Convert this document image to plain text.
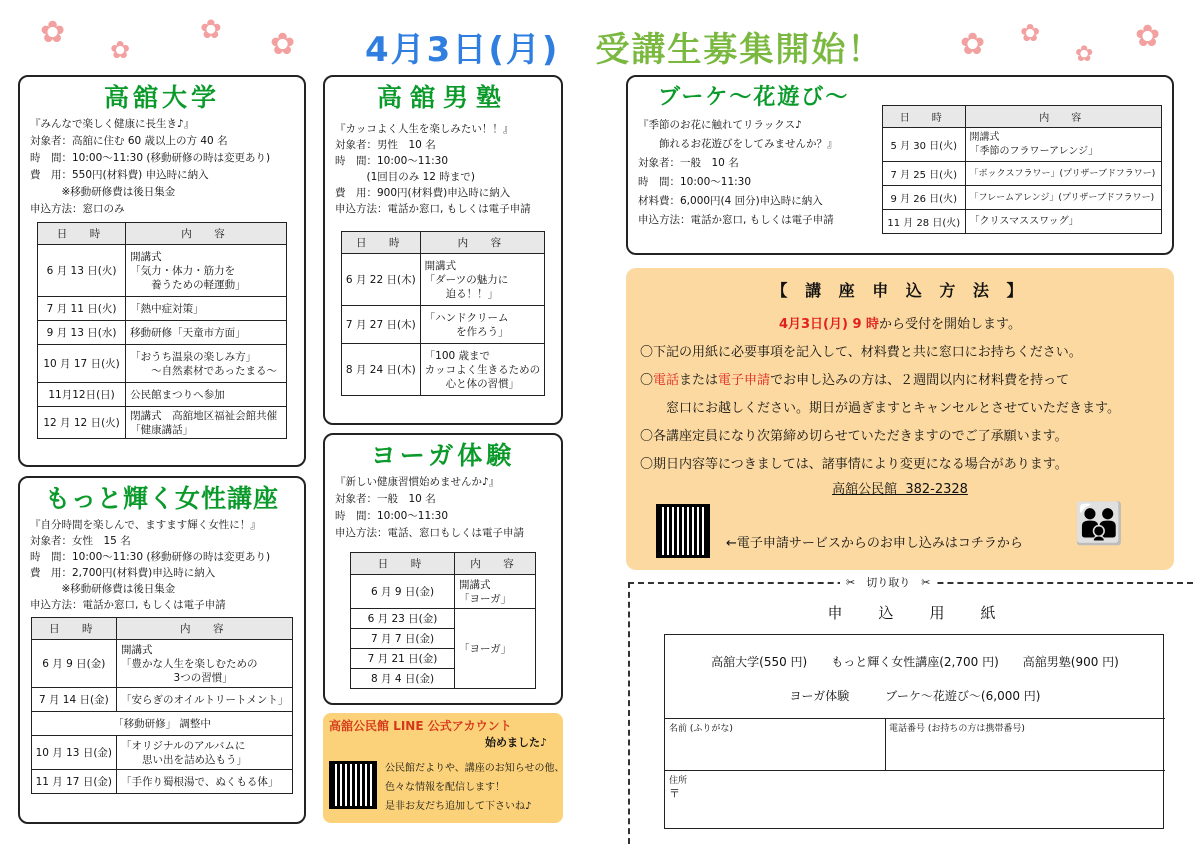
✿ ✿
✿ ✿ 4月3日(月)　 受講生募集開始！	✿ ✿
✿
✿
高舘大学
『みんなで楽しく健康に長生き♪』
対象者：高舘に住む 60 歳以上の方 40 名
時　間：10:00～11:30 (移動研修の時は変更あり)
費　用：550円(材料費) 申込時に納入
　　　※移動研修費は後日集金
申込方法：窓口のみ
日　時	内　容
6 月 13 日(火)	開講式
「気力・体力・筋力を
　　養うための軽運動」
7 月 11 日(火)	「熱中症対策」
9 月 13 日(水)	移動研修「天童市方面」
10 月 17 日(火)	「おうち温泉の楽しみ方」
　　～自然素材であったまる～
11月12日(日)	公民館まつりへ参加
12 月 12 日(火)	閉講式　高舘地区福祉会館共催
「健康講話」
もっと輝く女性講座
『自分時間を楽しんで、ますます輝く女性に！』
対象者：女性　15 名
時　間：10:00～11:30 (移動研修の時は変更あり)
費　用：2,700円(材料費)申込時に納入
　　　※移動研修費は後日集金
申込方法：電話か窓口, もしくは電子申請
日　時	内　容
6 月 9 日(金)	開講式
「豊かな人生を楽しむための
　　　　　3つの習慣」
7 月 14 日(金)	「安らぎのオイルトリートメント」
「移動研修」 調整中	
10 月 13 日(金)	「オリジナルのアルバムに
　　思い出を詰め込もう」
11 月 17 日(金)	「手作り蜀根湯で、ぬくもる体」
高舘男塾
『カッコよく人生を楽しみたい！！』
対象者：男性　10 名
時　間：10:00～11:30
　　　(1回目のみ 12 時まで)
費　用：900円(材料費)申込時に納入
申込方法：電話か窓口, もしくは電子申請
日　時	内　容
6 月 22 日(木)	開講式
「ダーツの魅力に
　　迫る！！」
7 月 27 日(木)	「ハンドクリーム
　　　を作ろう」
8 月 24 日(木)	「100 歳まで
カッコよく生きるための
　　心と体の習慣」
ヨーガ体験
『新しい健康習慣始めませんか♪』
対象者：一般　10 名
時　間：10:00～11:30
申込方法：電話、窓口もしくは電子申請
日　時	内　容
6 月 9 日(金)	開講式
「ヨーガ」
6 月 23 日(金)	「ヨーガ」
7 月 7 日(金)	
7 月 21 日(金)	
8 月 4 日(金)	
高舘公民館 LINE 公式アカウント
始めました♪
公民館だよりや、講座のお知らせの他、
色々な情報を配信します！
是非お友だち追加して下さいね♪
ブーケ～花遊び～
『季節のお花に触れてリラックス♪
　　飾れるお花遊びをしてみませんか？』
対象者：一般　10 名
時　間：10:00～11:30
材料費：6,000円(4 回分)申込時に納入
申込方法：電話か窓口, もしくは電子申請
日　時	内　容
5 月 30 日(火)	開講式
「季節のフラワーアレンジ」
7 月 25 日(火)	「ボックスフラワー」(プリザーブドフラワー)
9 月 26 日(火)	「フレームアレンジ」(プリザーブドフラワー)
11 月 28 日(火)	「クリスマススワッグ」
【 講 座 申 込 方 法 】

4月3日(月) 9 時から受付を開始します。

〇下記の用紙に必要事項を記入して、材料費と共に窓口にお持ちください。

〇電話または電子申請でお申し込みの方は、２週間以内に材料費を持って

　　窓口にお越しください。期日が過ぎますとキャンセルとさせていただきます。

〇各講座定員になり次第締め切らせていただきますのでご了承願います。

〇期日内容等につきましては、諸事情により変更になる場合があります。

高舘公民館  382-2328

←電子申請サービスからのお申し込みはコチラから 👪
✂　切り取り　✂
申　　込　　用　　紙
高舘大学(550 円)　　もっと輝く女性講座(2,700 円)　　高舘男塾(900 円)
ヨーガ体験　　　ブーケ～花遊び～(6,000 円)
名前 (ふりがな)	電話番号 (お持ちの方は携帯番号)
住所
〒
